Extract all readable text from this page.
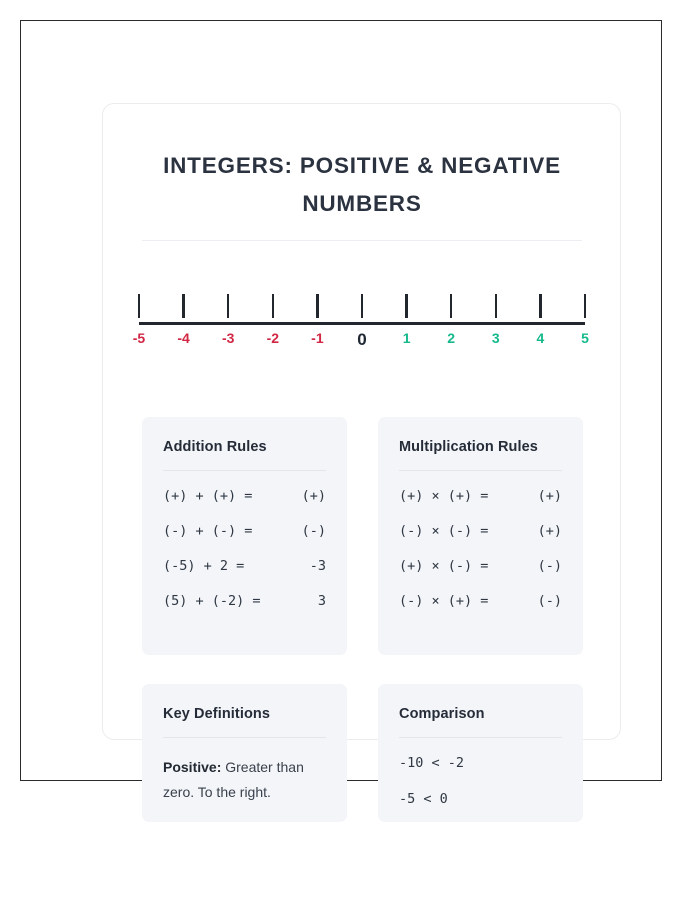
INTEGERS: POSITIVE & NEGATIVE NUMBERS
-5	-4	-3	-2	-1	0	1	2	3	4	5
Addition Rules
(+) + (+) =	(+)
(-) + (-) =	(-)
(-5) + 2 =	-3
(5) + (-2) =	3
Multiplication Rules
(+) × (+) =	(+)
(-) × (-) =	(+)
(+) × (-) =	(-)
(-) × (+) =	(-)
Key Definitions
Positive: Greater than zero. To the right.
Comparison
-10 < -2
-5 < 0
